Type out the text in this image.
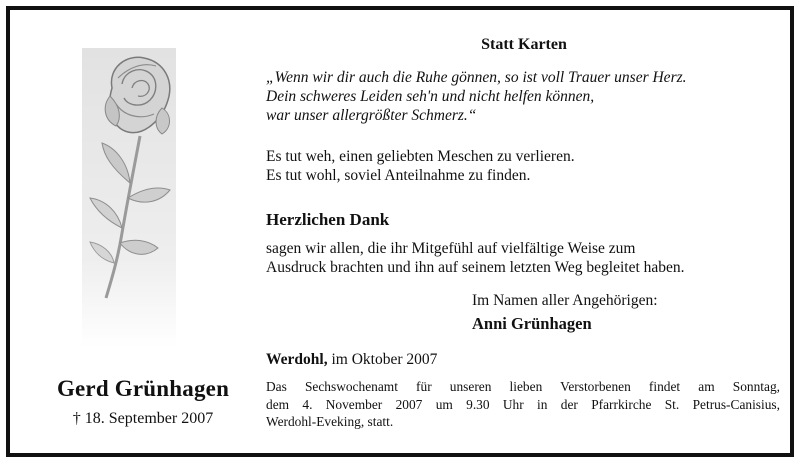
Gerd Grünhagen
† 18. September 2007
Statt Karten
„Wenn wir dir auch die Ruhe gönnen, so ist voll Trauer unser Herz.
Dein schweres Leiden seh'n und nicht helfen können,
war unser allergrößter Schmerz.“
Es tut weh, einen geliebten Meschen zu verlieren.
Es tut wohl, soviel Anteilnahme zu finden.
Herzlichen Dank
sagen wir allen, die ihr Mitgefühl auf vielfältige Weise zum
Ausdruck brachten und ihn auf seinem letzten Weg begleitet haben.
Im Namen aller Angehörigen:
Anni Grünhagen
Werdohl, im Oktober 2007
Das Sechswochenamt für unseren lieben Verstorbenen findet am Sonntag,
dem 4. November 2007 um 9.30 Uhr in der Pfarrkirche St. Petrus-Canisius,
Werdohl-Eveking, statt.
